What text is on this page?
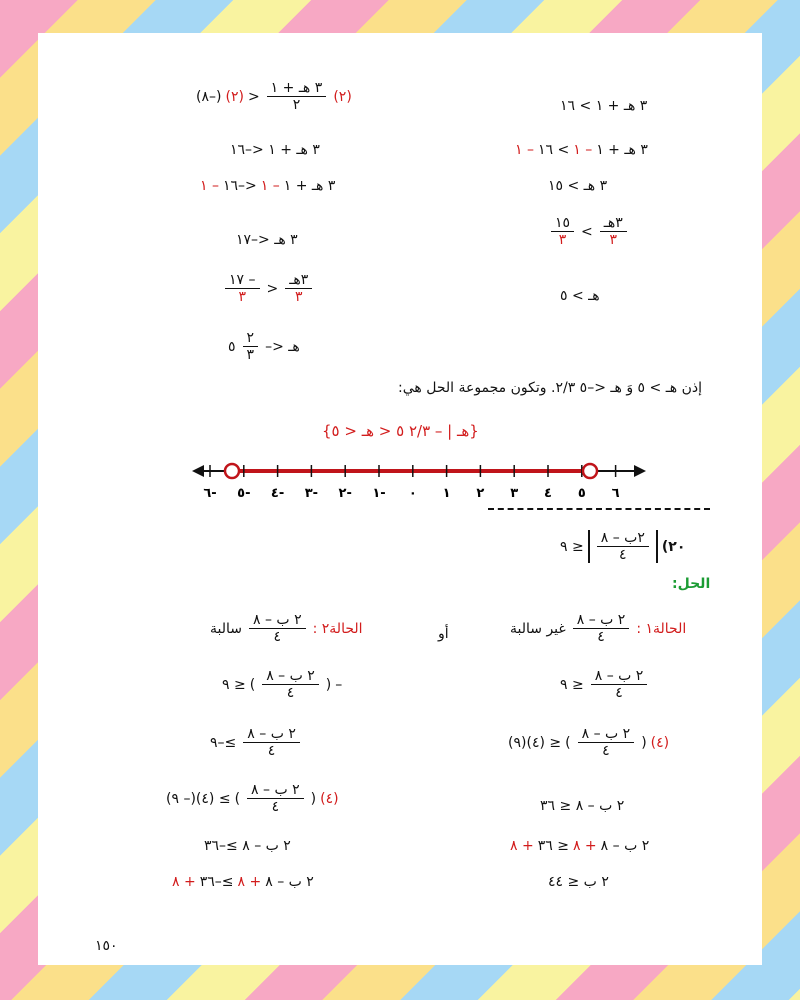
٣ هـ + ١ > ١٦
٣ هـ + ١
– ١
> ١٦
– ١
٣ هـ > ١٥
$\frac{\text{٣هـ}}{٣}$
>
$\frac{١٥}{٣}$
هـ > ٥
(٢)
$\frac{\text{٣ هـ + ١}}{٢}$
<
(٢)
(–٨)
٣ هـ + ١ <–١٦
٣ هـ + ١
– ١
<–١٦
– ١
٣ هـ <–١٧
$\frac{\text{٣هـ}}{٣}$
<
$\frac{- ١٧}{٣}$
هـ <–
$\frac{٢}{٣}$
٥
إذن هـ > ٥ وَ هـ <–٥ ٢/٣. وتكون مجموعة الحل هي:
{هـ | – ٢/٣ ٥ < هـ < ٥}
٦- ٥- ٤- ٣- ٢- ١- ٠ ١ ٢ ٣ ٤ ٥ ٦
٢٠)
$\frac{\text{٢ب – ٨}}{٤}$
≤ ٩
الحل:
الحالة١ :
$\frac{\text{٢ ب – ٨}}{٤}$
غير سالبة
أو
الحالة٢ :
$\frac{\text{٢ ب – ٨}}{٤}$
سالبة
$\frac{\text{٢ ب – ٨}}{٤}$
≤ ٩
(٤)
(
$\frac{\text{٢ ب – ٨}}{٤}$
)
≤ (٤)(٩)
٢ ب – ٨ ≤ ٣٦
٢ ب – ٨
+ ٨
≤ ٣٦
+ ٨
٢ ب ≤ ٤٤
–
(
$\frac{\text{٢ ب – ٨}}{٤}$
)
≤ ٩
$\frac{\text{٢ ب – ٨}}{٤}$
≥–٩
(٤)
(
$\frac{\text{٢ ب – ٨}}{٤}$
)
≥ (٤)(– ٩)
٢ ب – ٨ ≥–٣٦
٢ ب – ٨
+ ٨
≥–٣٦
+ ٨
١٥٠
